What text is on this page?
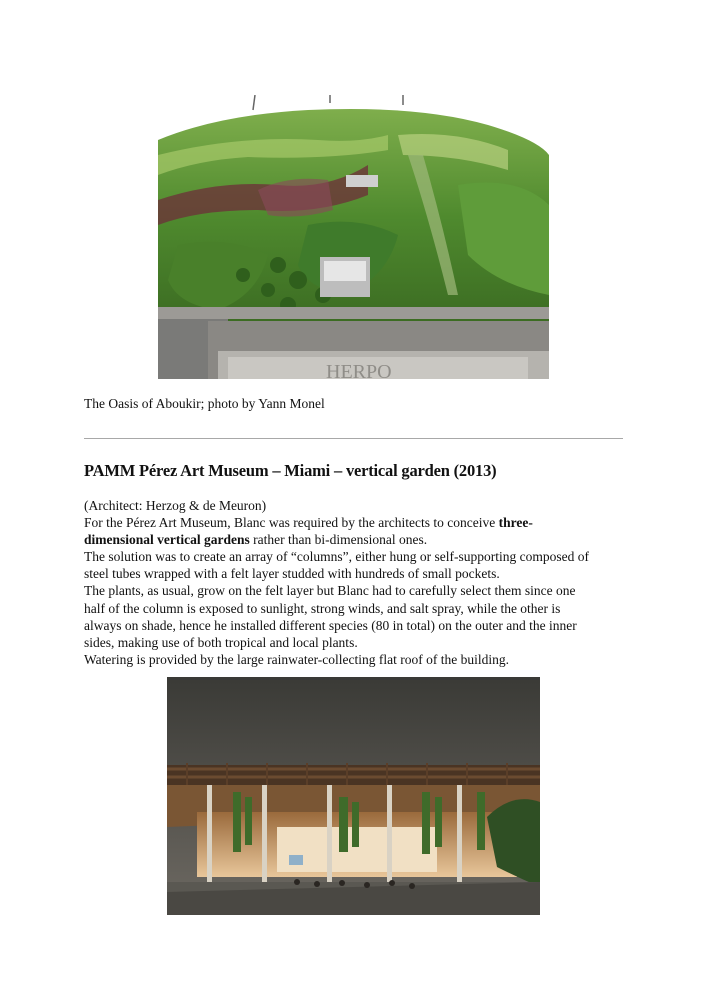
HERPO
The Oasis of Aboukir; photo by Yann Monel
PAMM Pérez Art Museum – Miami – vertical garden (2013)

(Architect: Herzog & de Meuron)

For the Pérez Art Museum, Blanc was required by the architects to conceive three-
dimensional vertical gardens rather than bi-dimensional ones.

The solution was to create an array of “columns”, either hung or self-supporting composed of

steel tubes wrapped with a felt layer studded with hundreds of small pockets.

The plants, as usual, grow on the felt layer but Blanc had to carefully select them since one

half of the column is exposed to sunlight, strong winds, and salt spray, while the other is

always on shade, hence he installed different species (80 in total) on the outer and the inner

sides, making use of both tropical and local plants.

Watering is provided by the large rainwater-collecting flat roof of the building.
